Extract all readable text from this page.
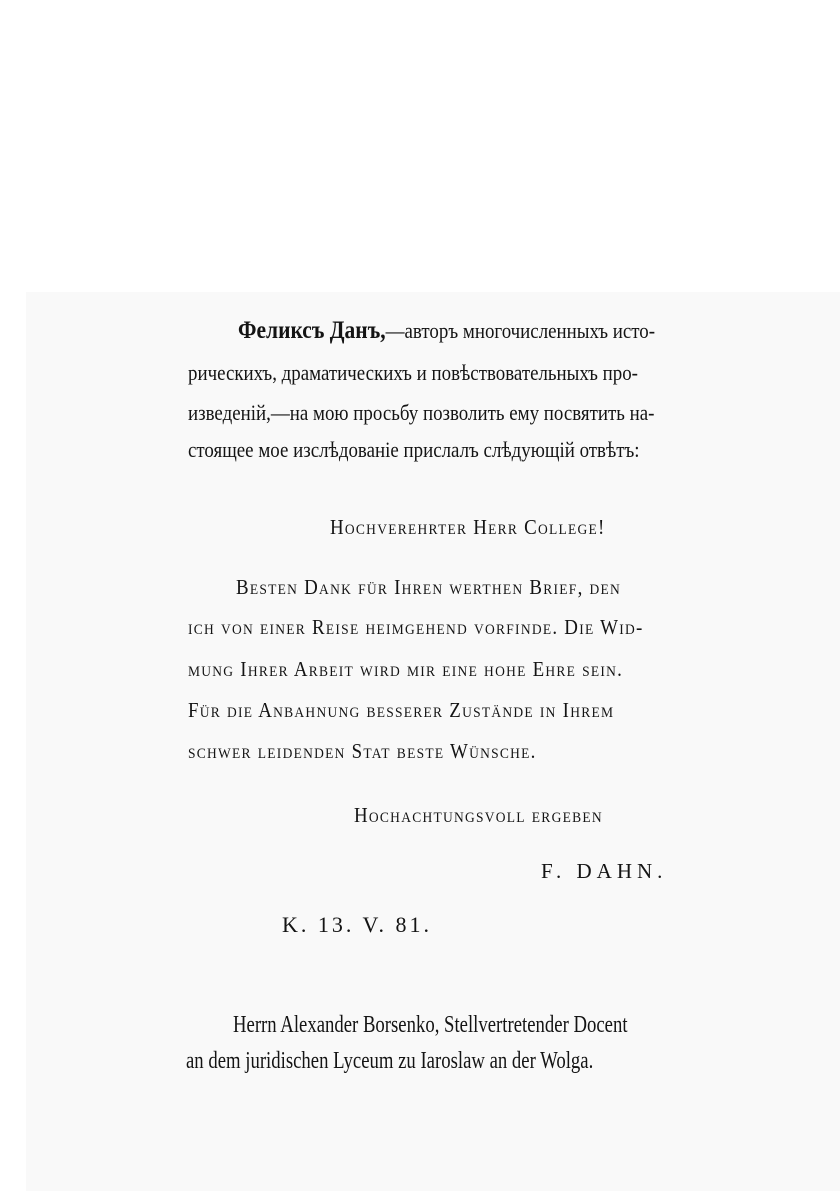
Феликсъ Данъ,—авторъ многочисленныхъ исто-

рическихъ, драматическихъ и повѣствовательныхъ про-

изведеній,—на мою просьбу позволить ему посвятить на-

стоящее мое изслѣдованіе прислалъ слѣдующій отвѣтъ:

Hochverehrter Herr College!

Besten Dank für Ihren werthen Brief, den

ich von einer Reise heimgehend vorfinde. Die Wid-

mung Ihrer Arbeit wird mir eine hohe Ehre sein.

Für die Anbahnung besserer Zustände in Ihrem

schwer leidenden Stat beste Wünsche.

Hochachtungsvoll ergeben

F. DAHN.

K. 13. V. 81.

Herrn Alexander Borsenko, Stellvertretender Docent

an dem juridischen Lyceum zu Iaroslaw an der Wolga.
